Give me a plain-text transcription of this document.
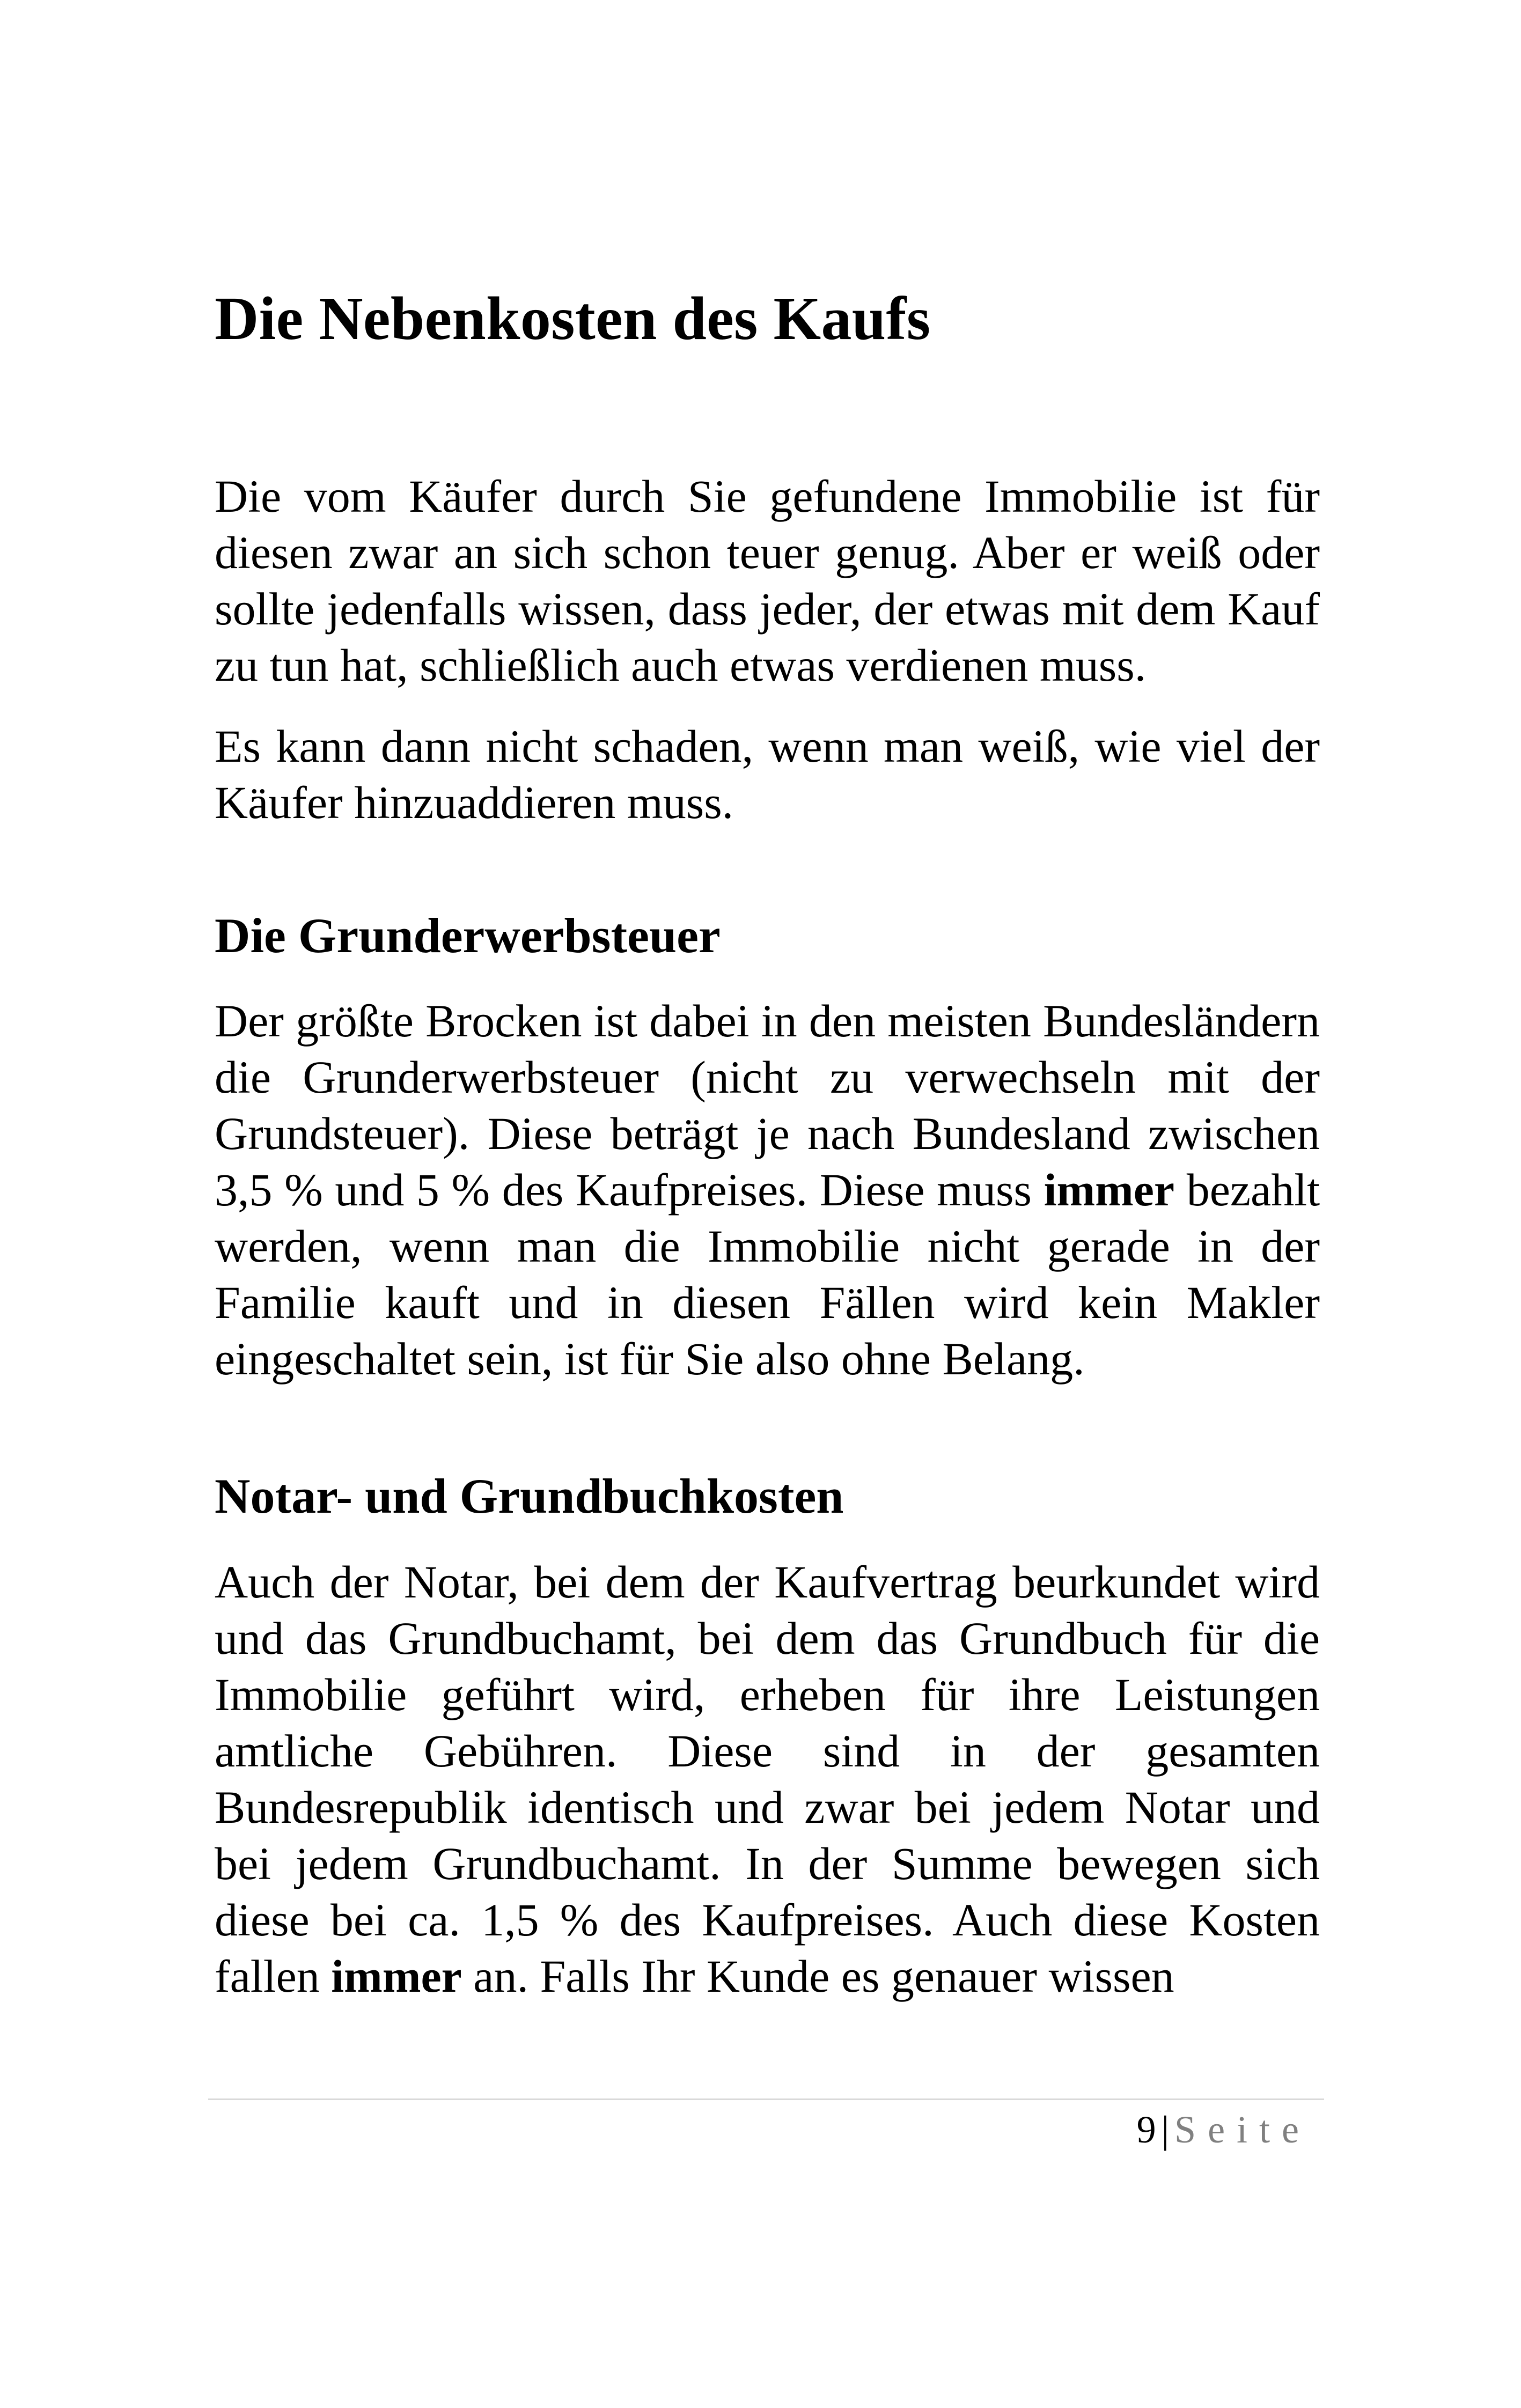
Die Nebenkosten des Kaufs

Die vom Käufer durch Sie gefundene Immobilie ist für diesen zwar an sich schon teuer genug. Aber er weiß oder sollte jedenfalls wissen, dass jeder, der etwas mit dem Kauf zu tun hat, schließlich auch etwas verdienen muss.

Es kann dann nicht schaden, wenn man weiß, wie viel der Käufer hinzuaddieren muss.

Die Grunderwerbsteuer

Der größte Brocken ist dabei in den meisten Bundesländern die Grunderwerbsteuer (nicht zu verwechseln mit der Grundsteuer). Diese beträgt je nach Bundesland zwischen 3,5 % und 5 % des Kaufpreises. Diese muss immer bezahlt werden, wenn man die Immobilie nicht gerade in der Familie kauft und in diesen Fällen wird kein Makler eingeschaltet sein, ist für Sie also ohne Belang.

Notar- und Grundbuchkosten

Auch der Notar, bei dem der Kaufvertrag beurkundet wird und das Grundbuchamt, bei dem das Grundbuch für die Immobilie geführt wird, erheben für ihre Leistungen amtliche Gebühren. Diese sind in der gesamten Bundesrepublik identisch und zwar bei jedem Notar und bei jedem Grundbuchamt. In der Summe bewegen sich diese bei ca. 1,5 % des Kaufpreises. Auch diese Kosten fallen immer an. Falls Ihr Kunde es genauer wissen

9 | Seite
